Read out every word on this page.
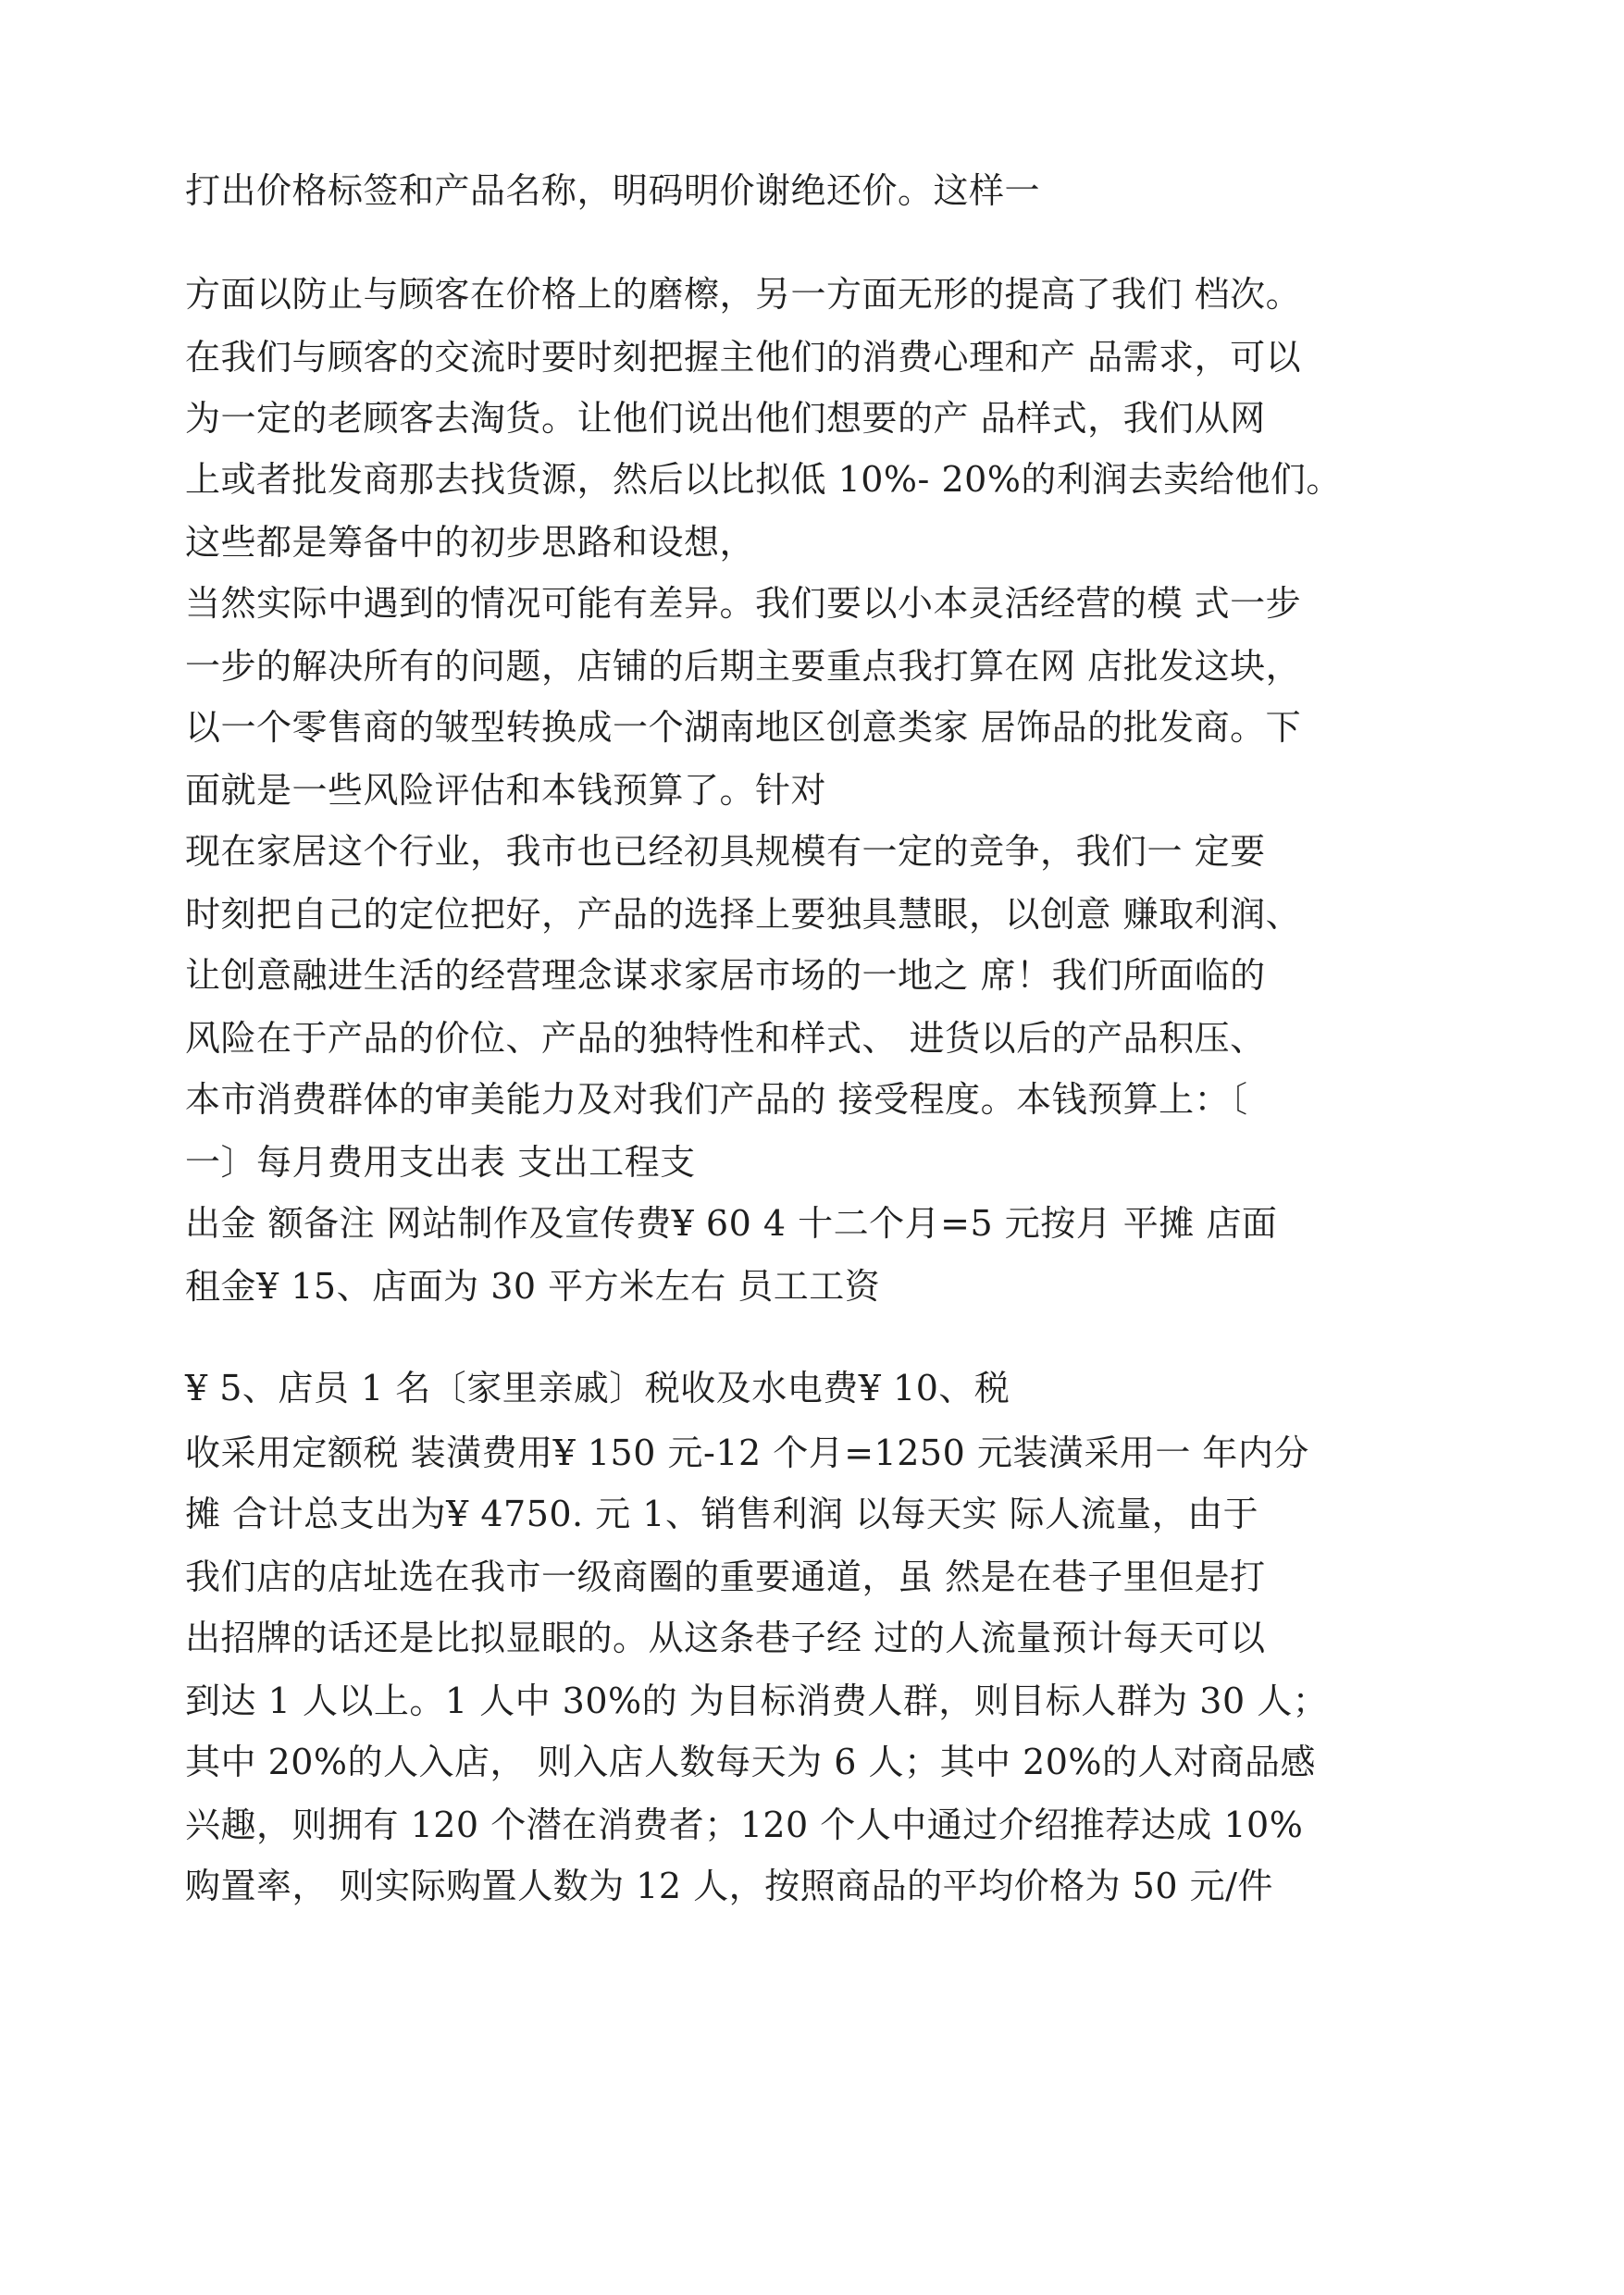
打出价格标签和产品名称，明码明价谢绝还价。这样一
方面以防止与顾客在价格上的磨檫，另一方面无形的提高了我们 档次。
在我们与顾客的交流时要时刻把握主他们的消费心理和产 品需求，可以
为一定的老顾客去淘货。让他们说出他们想要的产 品样式，我们从网
上或者批发商那去找货源，然后以比拟低 10%- 20%的利润去卖给他们。
这些都是筹备中的初步思路和设想，
当然实际中遇到的情况可能有差异。我们要以小本灵活经营的模 式一步
一步的解决所有的问题，店铺的后期主要重点我打算在网 店批发这块，
以一个零售商的皱型转换成一个湖南地区创意类家 居饰品的批发商。下
面就是一些风险评估和本钱预算了。针对
现在家居这个行业，我市也已经初具规模有一定的竞争，我们一 定要
时刻把自己的定位把好，产品的选择上要独具慧眼，以创意 赚取利润、
让创意融进生活的经营理念谋求家居市场的一地之 席！我们所面临的
风险在于产品的价位、产品的独特性和样式、 进货以后的产品积压、
本市消费群体的审美能力及对我们产品的 接受程度。本钱预算上：〔
一〕每月费用支出表 支出工程支
出金 额备注 网站制作及宣传费¥ 60 4 十二个月=5 元按月 平摊 店面
租金¥ 15、店面为 30 平方米左右 员工工资
¥ 5、店员 1 名〔家里亲戚〕税收及水电费¥ 10、税
收采用定额税 装潢费用¥ 150 元-12 个月=1250 元装潢采用一 年内分
摊 合计总支出为¥ 4750. 元 1、销售利润 以每天实 际人流量，由于
我们店的店址选在我市一级商圈的重要通道，虽 然是在巷子里但是打
出招牌的话还是比拟显眼的。从这条巷子经 过的人流量预计每天可以
到达 1 人以上。1 人中 30%的 为目标消费人群，则目标人群为 30 人；
其中 20%的人入店， 则入店人数每天为 6 人；其中 20%的人对商品感
兴趣，则拥有 120 个潜在消费者；120 个人中通过介绍推荐达成 10%
购置率， 则实际购置人数为 12 人，按照商品的平均价格为 50 元/件
